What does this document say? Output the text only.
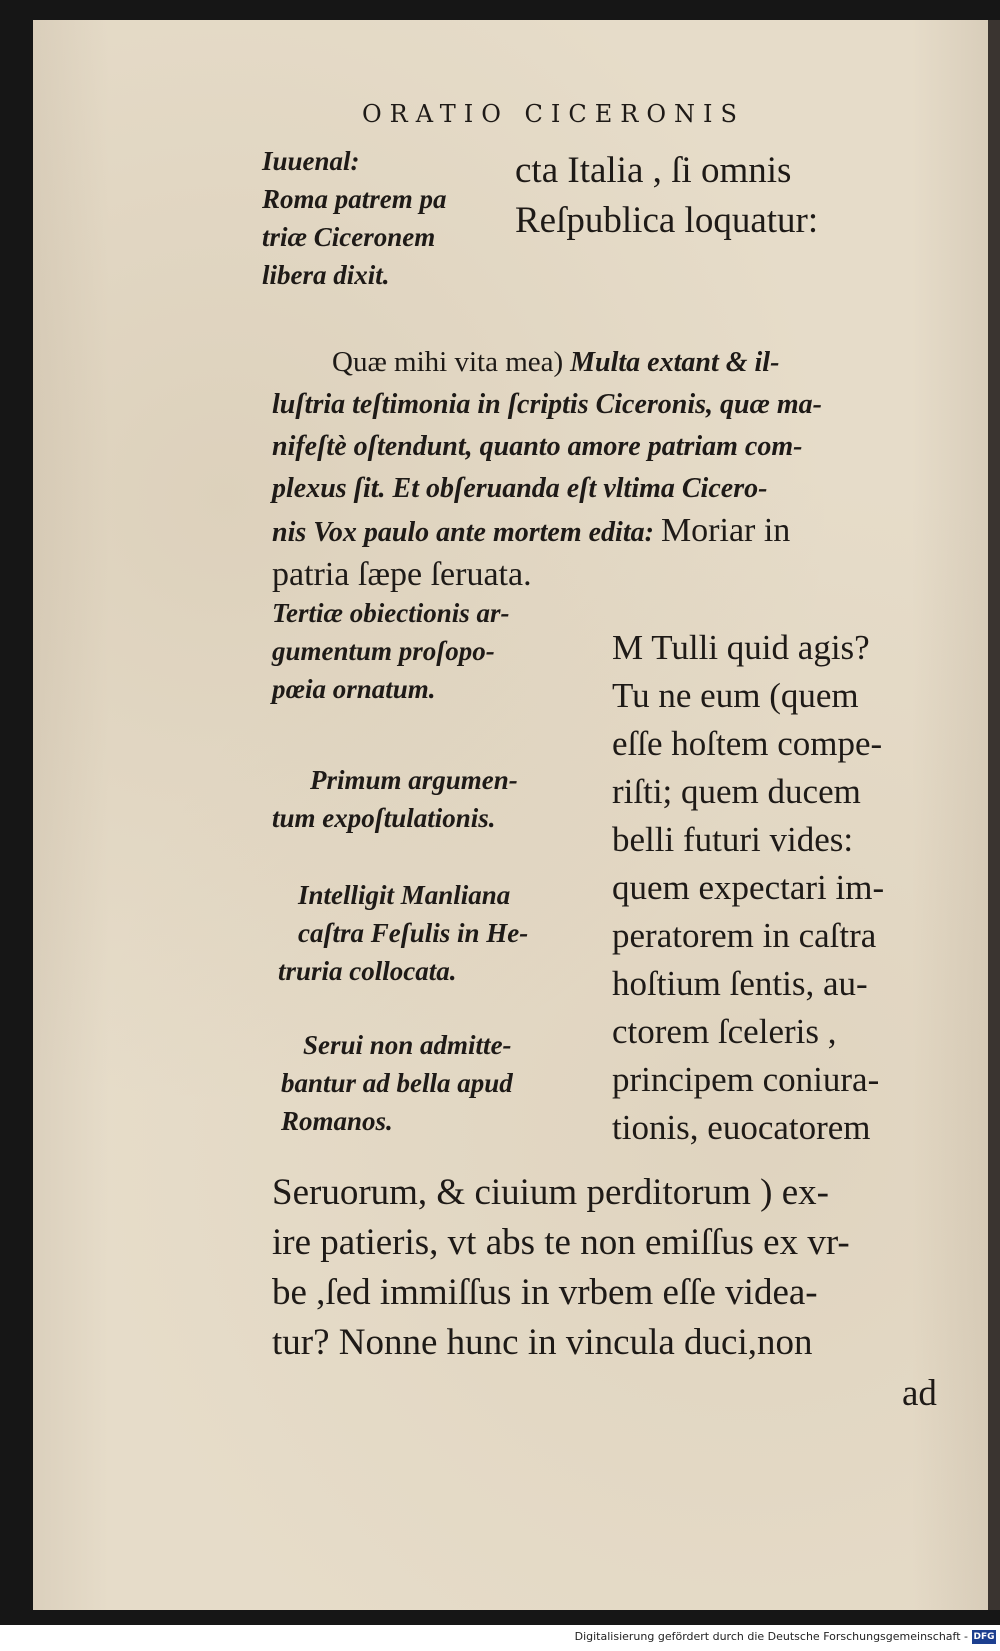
ORATIO CICERONIS
Iuuenal:
Roma patrem pa
triæ Ciceronem
libera dixit.
cta Italia , ſi omnis
Reſpublica loquatur:
Quæ mihi vita mea) Multa extant & il-
luſtria teſtimonia in ſcriptis Ciceronis, quæ ma-
nifeſtè oſtendunt, quanto amore patriam com-
plexus ſit. Et obſeruanda eſt vltima Cicero-
nis Vox paulo ante mortem edita: Moriar in
patria ſæpe ſeruata.
Tertiæ obiectionis ar-
gumentum proſopo-
pœia ornatum.
Primum argumen-
tum expoſtulationis.
Intelligit Manliana
caſtra Feſulis in He-
truria collocata.
Serui non admitte-
bantur ad bella apud
Romanos.
M Tulli quid agis?
Tu ne eum (quem
eſſe hoſtem compe-
riſti; quem ducem
belli futuri vides:
quem expectari im-
peratorem in caſtra
hoſtium ſentis, au-
ctorem ſceleris ,
principem coniura-
tionis, euocatorem
Seruorum, & ciuium perditorum ) ex-
ire patieris, vt abs te non emiſſus ex vr-
be ,ſed immiſſus in vrbem eſſe videa-
tur? Nonne hunc in vincula duci,non
ad
Digitalisierung gefördert durch die Deutsche Forschungsgemeinschaft - DFG
